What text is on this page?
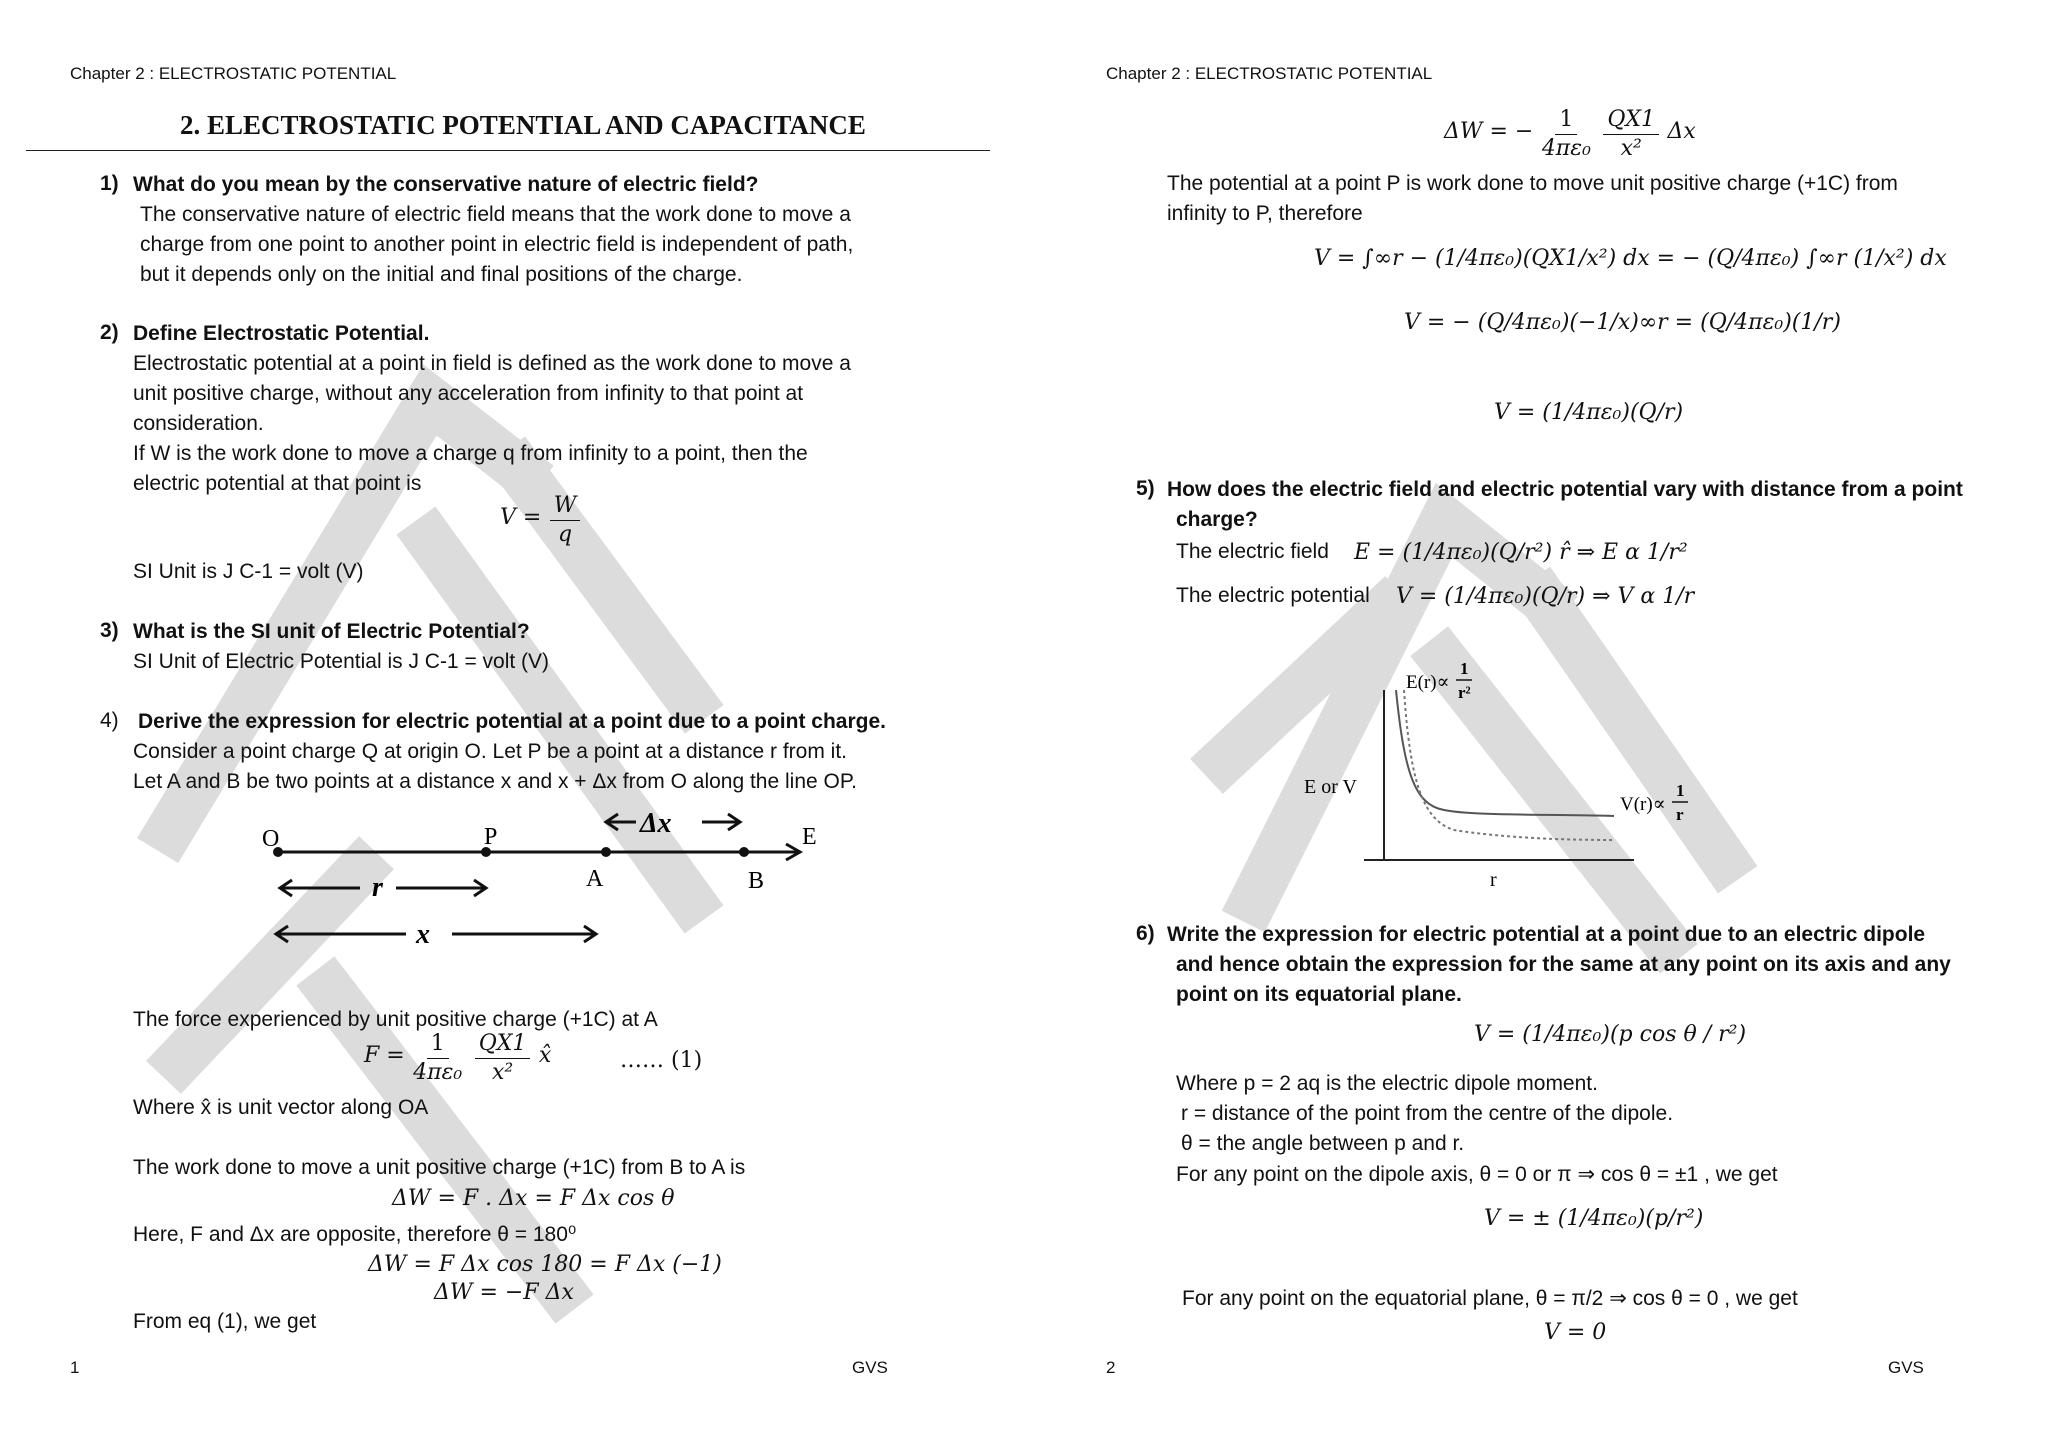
Chapter 2 : ELECTROSTATIC POTENTIAL
2. ELECTROSTATIC POTENTIAL AND CAPACITANCE
1) What do you mean by the conservative nature of electric field?
The conservative nature of electric field means that the work done to move a
charge from one point to another point in electric field is independent of path,
but it depends only on the initial and final positions of the charge.
2) Define Electrostatic Potential.
Electrostatic potential at a point in field is defined as the work done to move a
unit positive charge, without any acceleration from infinity to that point at
consideration.
If W is the work done to move a charge q from infinity to a point, then the
electric potential at that point is
$V = \frac{W}{q}$
SI Unit is J C-1 = volt (V)
3) What is the SI unit of Electric Potential?
SI Unit of Electric Potential is J C-1 = volt (V)
4) Derive the expression for electric potential at a point due to a point charge.
Consider a point charge Q at origin O. Let P be a point at a distance r from it.
Let A and B be two points at a distance x and x + Δx from O along the line OP.
O	P
A	B
E
r
x
Δx
The force experienced by unit positive charge (+1C) at A
$F = \frac{1}{\text{4πε₀}}$
$\frac{QX1}{\text{x²}}$ x̂	…… (1)
Where x̂ is unit vector along OA
The work done to move a unit positive charge (+1C) from B to A is
ΔW = F . Δx = F Δx cos θ
Here, F and Δx are opposite, therefore θ = 180⁰
ΔW = F Δx cos 180 = F Δx (−1)
ΔW = −F Δx
From eq (1), we get
1	GVS
Chapter 2 : ELECTROSTATIC POTENTIAL
ΔW = − $\frac{1}{\text{4πε₀}}$
$\frac{QX1}{\text{x²}}$ Δx
The potential at a point P is work done to move unit positive charge (+1C) from
infinity to P, therefore
V = ∫∞r − (1/4πε₀)(QX1/x²) dx = − (Q/4πε₀) ∫∞r (1/x²) dx
V = − (Q/4πε₀)(−1/x)∞r = (Q/4πε₀)(1/r)
V = (1/4πε₀)(Q/r)
5) How does the electric field and electric potential vary with distance from a point
charge?
The electric field E = (1/4πε₀)(Q/r²) r̂ ⇒ E α 1/r²
The electric potential V = (1/4πε₀)(Q/r) ⇒ V α 1/r
E or V
r
E(r)∝
1
r²
V(r)∝
1
r
6) Write the expression for electric potential at a point due to an electric dipole
and hence obtain the expression for the same at any point on its axis and any
point on its equatorial plane.
V = (1/4πε₀)(p cos θ / r²)
Where p = 2 aq is the electric dipole moment.
r = distance of the point from the centre of the dipole.
θ = the angle between p and r.
For any point on the dipole axis, θ = 0 or π ⇒ cos θ = ±1 , we get
V = ± (1/4πε₀)(p/r²)
For any point on the equatorial plane, θ = π/2 ⇒ cos θ = 0 , we get
V = 0
2	GVS
